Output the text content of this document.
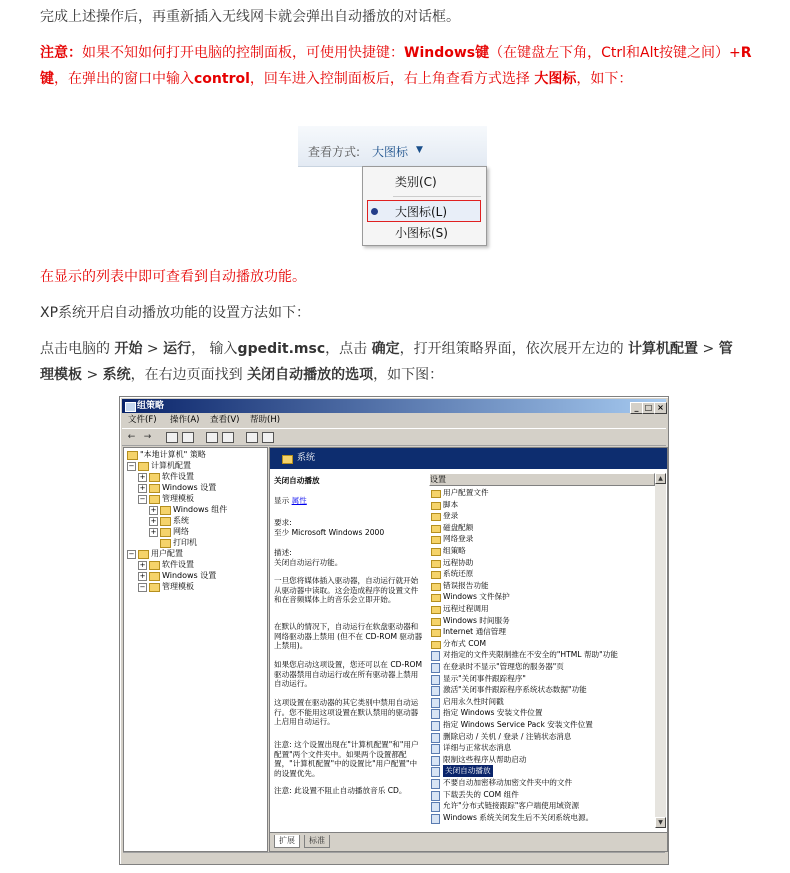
完成上述操作后，再重新插入无线网卡就会弹出自动播放的对话框。
注意：如果不知如何打开电脑的控制面板，可使用快捷键：Windows键（在键盘左下角，Ctrl和Alt按键之间）+R键，在弹出的窗口中输入control，回车进入控制面板后，右上角查看方式选择 大图标，如下：
查看方式: 大图标 ▼
类别(C)
大图标(L)
小图标(S)
在显示的列表中即可查看到自动播放功能。
XP系统开启自动播放功能的设置方法如下：
点击电脑的 开始 > 运行， 输入gpedit.msc，点击 确定，打开组策略界面，依次展开左边的 计算机配置 > 管理模板 > 系统，在右边页面找到 关闭自动播放的选项，如下图：
组策略	_ □ ×
文件(F) 操作(A) 查看(V) 帮助(H)
← →
"本地计算机" 策略
− 计算机配置
+ 软件设置
+ Windows 设置
− 管理模板
+ Windows 组件
+ 系统
+ 网络
打印机
− 用户配置
+ 软件设置
+ Windows 设置
− 管理模板
系统
关闭自动播放
显示 属性
要求:
至少 Microsoft Windows 2000
描述:
关闭自动运行功能。
一旦您将媒体插入驱动器，自动运行就开始从驱动器中读取。这会造成程序的设置文件和在音频媒体上的音乐会立即开始。
在默认的情况下，自动运行在软盘驱动器和网络驱动器上禁用 (但不在 CD-ROM 驱动器上禁用)。
如果您启动这项设置，您还可以在 CD-ROM 驱动器禁用自动运行或在所有驱动器上禁用自动运行。
这项设置在驱动器的其它类别中禁用自动运行。您不能用这项设置在默认禁用的驱动器上启用自动运行。
注意: 这个设置出现在"计算机配置"和"用户配置"两个文件夹中。如果两个设置都配置，"计算机配置"中的设置比"用户配置"中的设置优先。
注意: 此设置不阻止自动播放音乐 CD。
设置
用户配置文件
脚本
登录
磁盘配额
网络登录
组策略
远程协助
系统还原
错误报告功能
Windows 文件保护
远程过程调用
Windows 时间服务
Internet 通信管理
分布式 COM
对指定的文件夹限制推在不安全的"HTML 帮助"功能
在登录时不显示"管理您的服务器"页
显示"关闭事件跟踪程序"
激活"关闭事件跟踪程序系统状态数据"功能
启用永久性时间戳
指定 Windows 安装文件位置
指定 Windows Service Pack 安装文件位置
删除启动 / 关机 / 登录 / 注销状态消息
详细与正常状态消息
限制这些程序从帮助启动
关闭自动播放
不要自动加密移动加密文件夹中的文件
下载丢失的 COM 组件
允许"分布式链接跟踪"客户端使用域资源
Windows 系统关闭发生后不关闭系统电源。
▲
▼
扩展	标准
